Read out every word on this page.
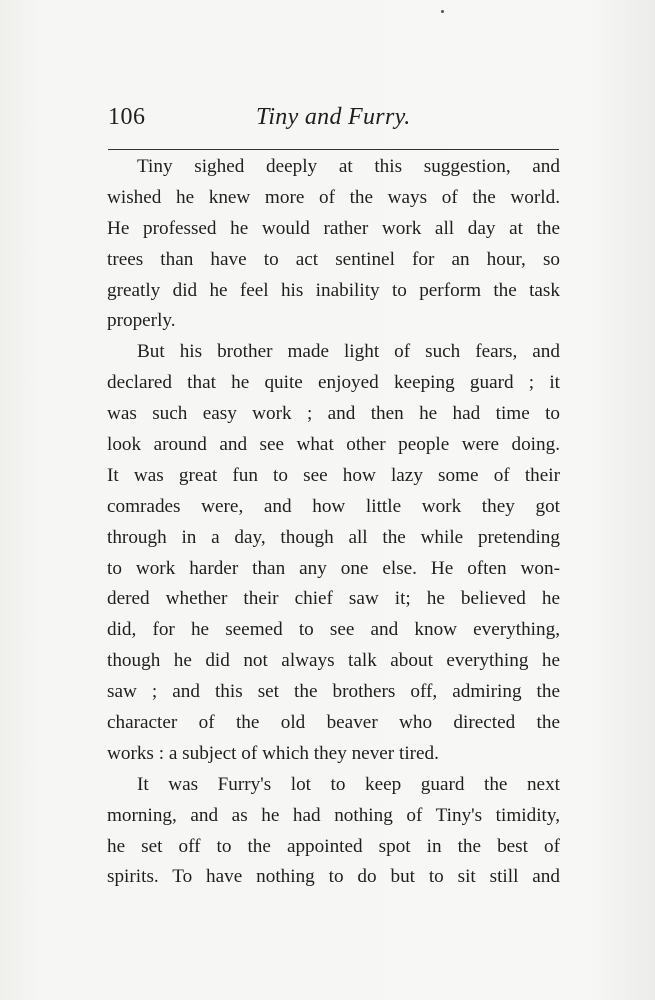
106	Tiny and Furry.
Tiny sighed deeply at this suggestion, and
wished he knew more of the ways of the world.
He professed he would rather work all day at the
trees than have to act sentinel for an hour, so
greatly did he feel his inability to perform the task
properly.
But his brother made light of such fears, and
declared that he quite enjoyed keeping guard ; it
was such easy work ; and then he had time to
look around and see what other people were doing.
It was great fun to see how lazy some of their
comrades were, and how little work they got
through in a day, though all the while pretending
to work harder than any one else. He often won-
dered whether their chief saw it; he believed he
did, for he seemed to see and know everything,
though he did not always talk about everything he
saw ; and this set the brothers off, admiring the
character of the old beaver who directed the
works : a subject of which they never tired.
It was Furry's lot to keep guard the next
morning, and as he had nothing of Tiny's timidity,
he set off to the appointed spot in the best of
spirits. To have nothing to do but to sit still and
